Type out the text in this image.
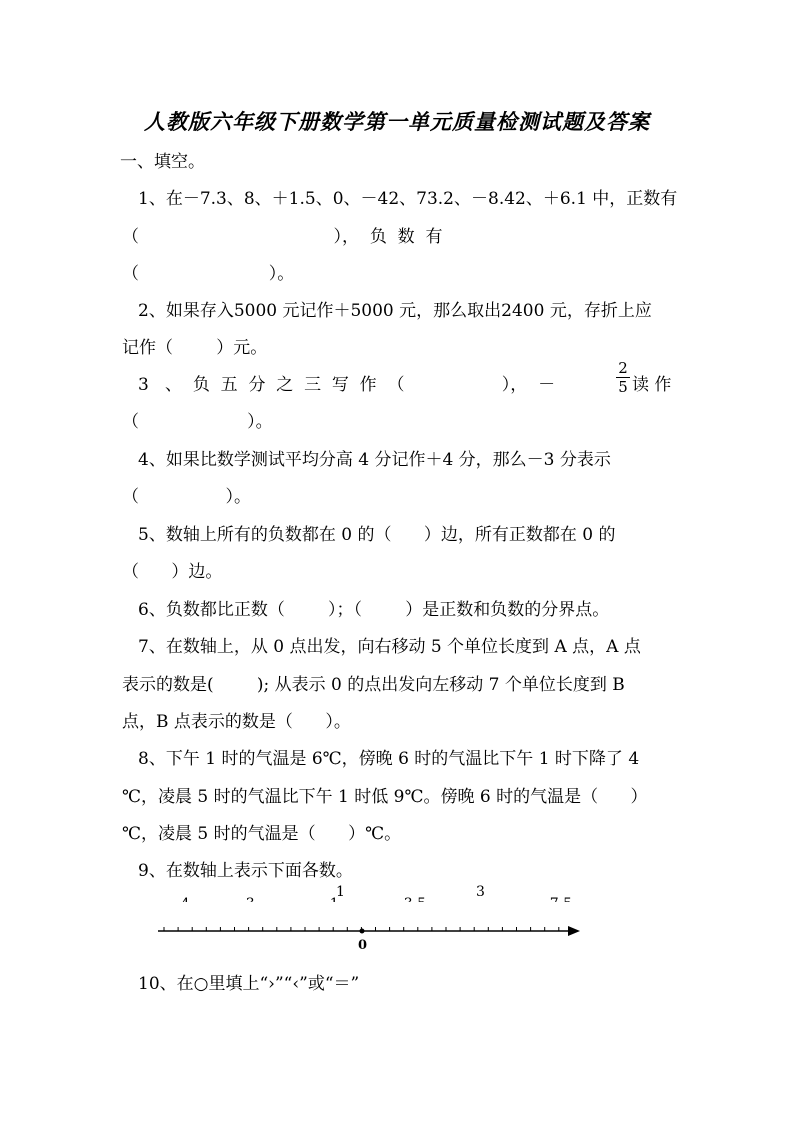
人教版六年级下册数学第一单元质量检测试题及答案
一、填空。
1、在－7.3、8、＋1.5、0、－42、73.2、－8.42、＋6.1 中，正数有
（                                    ），  负  数  有
（                        ）。
2、如果存入5000 元记作＋5000 元，那么取出2400 元，存折上应
记作（        ）元。
3   、  负  五  分  之  三  写  作  （                  ），  －
2
5 读 作
（                    ）。
4、如果比数学测试平均分高 4 分记作＋4 分，那么－3 分表示
（                ）。
5、数轴上所有的负数都在 0 的（      ）边，所有正数都在 0 的
（      ）边。
6、负数都比正数（        ）；（        ）是正数和负数的分界点。
7、在数轴上，从 0 点出发，向右移动 5 个单位长度到 A 点，A 点
表示的数是(        ); 从表示 0 的点出发向左移动 7 个单位长度到 B
点，B 点表示的数是（      ）。
8、下午 1 时的气温是 6℃，傍晚 6 时的气温比下午 1 时下降了 4
℃，凌晨 5 时的气温比下午 1 时低 9℃。傍晚 6 时的气温是（      ）
℃，凌晨 5 时的气温是（      ）℃。
9、在数轴上表示下面各数。
1	3
0
10、在○里填上“›”“‹”或“＝”
